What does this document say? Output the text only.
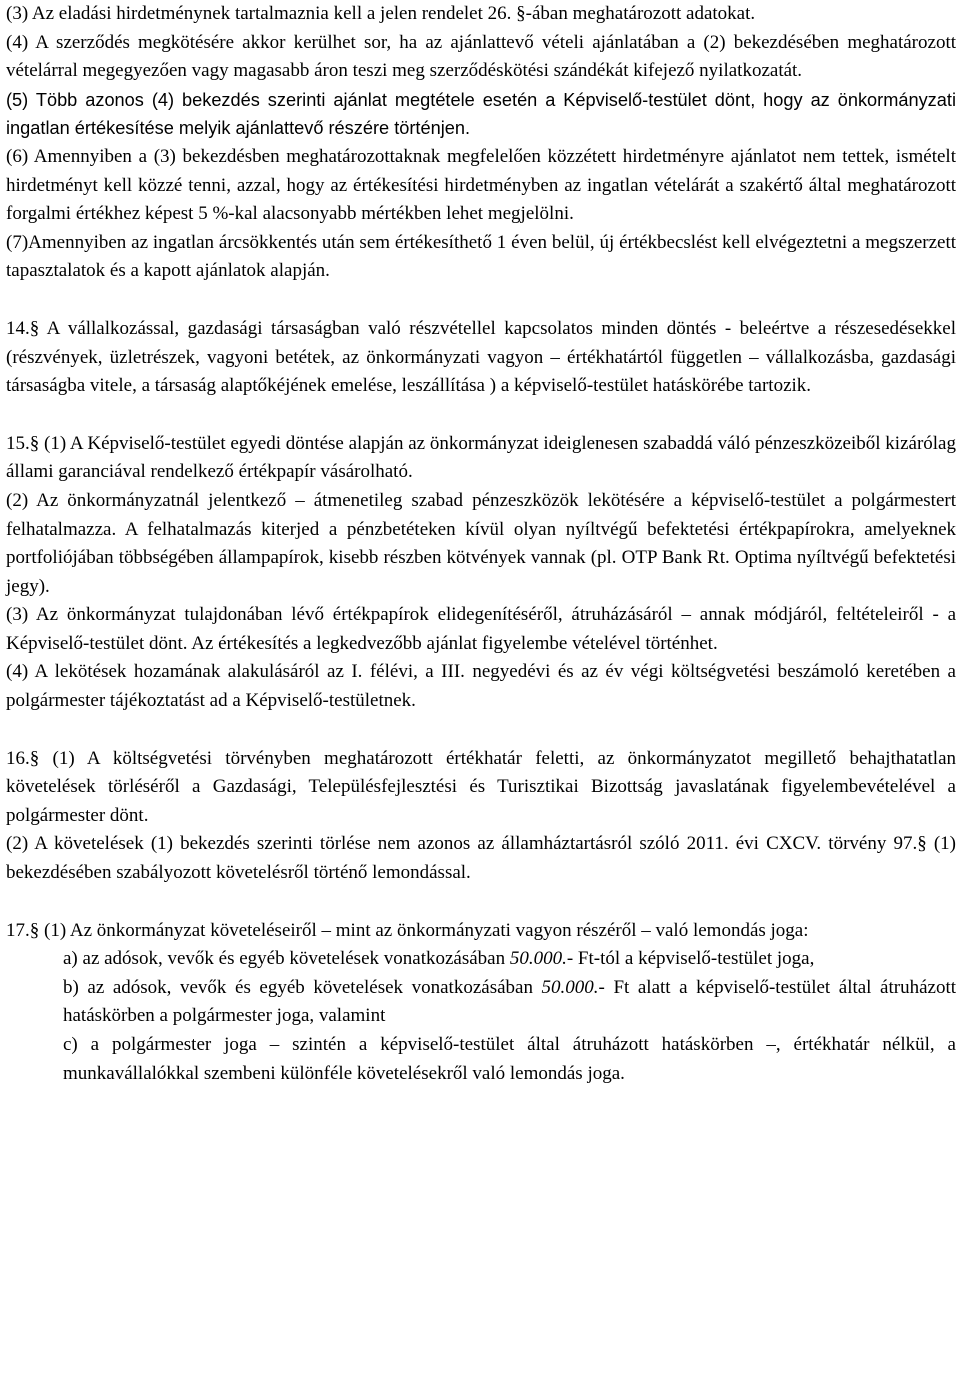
(3) Az eladási hirdetménynek tartalmaznia kell a jelen rendelet 26. §-ában meghatározott adatokat.

(4) A szerződés megkötésére akkor kerülhet sor, ha az ajánlattevő vételi ajánlatában a (2) bekezdésében meghatározott vételárral megegyezően vagy magasabb áron teszi meg szerződéskötési szándékát kifejező nyilatkozatát.

(5) Több azonos (4) bekezdés szerinti ajánlat megtétele esetén a Képviselő-testület dönt, hogy az önkormányzati ingatlan értékesítése melyik ajánlattevő részére történjen.

(6) Amennyiben a (3) bekezdésben meghatározottaknak megfelelően közzétett hirdetményre ajánlatot nem tettek, ismételt hirdetményt kell közzé tenni, azzal, hogy az értékesítési hirdetményben az ingatlan vételárát a szakértő által meghatározott forgalmi értékhez képest 5 %-kal alacsonyabb mértékben lehet megjelölni.

(7)Amennyiben az ingatlan árcsökkentés után sem értékesíthető 1 éven belül, új értékbecslést kell elvégeztetni a megszerzett tapasztalatok és a kapott ajánlatok alapján.

14.§ A vállalkozással, gazdasági társaságban való részvétellel kapcsolatos minden döntés - beleértve a részesedésekkel (részvények, üzletrészek, vagyoni betétek, az önkormányzati vagyon – értékhatártól független – vállalkozásba, gazdasági társaságba vitele, a társaság alaptőkéjének emelése, leszállítása ) a képviselő-testület hatáskörébe tartozik.

15.§ (1) A Képviselő-testület egyedi döntése alapján az önkormányzat ideiglenesen szabaddá váló pénzeszközeiből kizárólag állami garanciával rendelkező értékpapír vásárolható.

(2) Az önkormányzatnál jelentkező – átmenetileg szabad pénzeszközök lekötésére a képviselő-testület a polgármestert felhatalmazza. A felhatalmazás kiterjed a pénzbetéteken kívül olyan nyíltvégű befektetési értékpapírokra, amelyeknek portfoliójában többségében állampapírok, kisebb részben kötvények vannak (pl. OTP Bank Rt. Optima nyíltvégű befektetési jegy).

(3) Az önkormányzat tulajdonában lévő értékpapírok elidegenítéséről, átruházásáról – annak módjáról, feltételeiről - a Képviselő-testület dönt. Az értékesítés a legkedvezőbb ajánlat figyelembe vételével történhet.

(4) A lekötések hozamának alakulásáról az I. félévi, a III. negyedévi és az év végi költségvetési beszámoló keretében a polgármester tájékoztatást ad a Képviselő-testületnek.

16.§ (1) A költségvetési törvényben meghatározott értékhatár feletti, az önkormányzatot megillető behajthatatlan követelések törléséről a Gazdasági, Településfejlesztési és Turisztikai Bizottság javaslatának figyelembevételével a polgármester dönt.

(2) A követelések (1) bekezdés szerinti törlése nem azonos az államháztartásról szóló 2011. évi CXCV. törvény 97.§ (1) bekezdésében szabályozott követelésről történő lemondással.

17.§ (1) Az önkormányzat követeléseiről – mint az önkormányzati vagyon részéről – való lemondás joga:

a) az adósok, vevők és egyéb követelések vonatkozásában 50.000.- Ft-tól a képviselő-testület joga,

b) az adósok, vevők és egyéb követelések vonatkozásában 50.000.- Ft alatt a képviselő-testület által átruházott hatáskörben a polgármester joga, valamint

c) a polgármester joga – szintén a képviselő-testület által átruházott hatáskörben –, értékhatár nélkül, a munkavállalókkal szembeni különféle követelésekről való lemondás joga.
